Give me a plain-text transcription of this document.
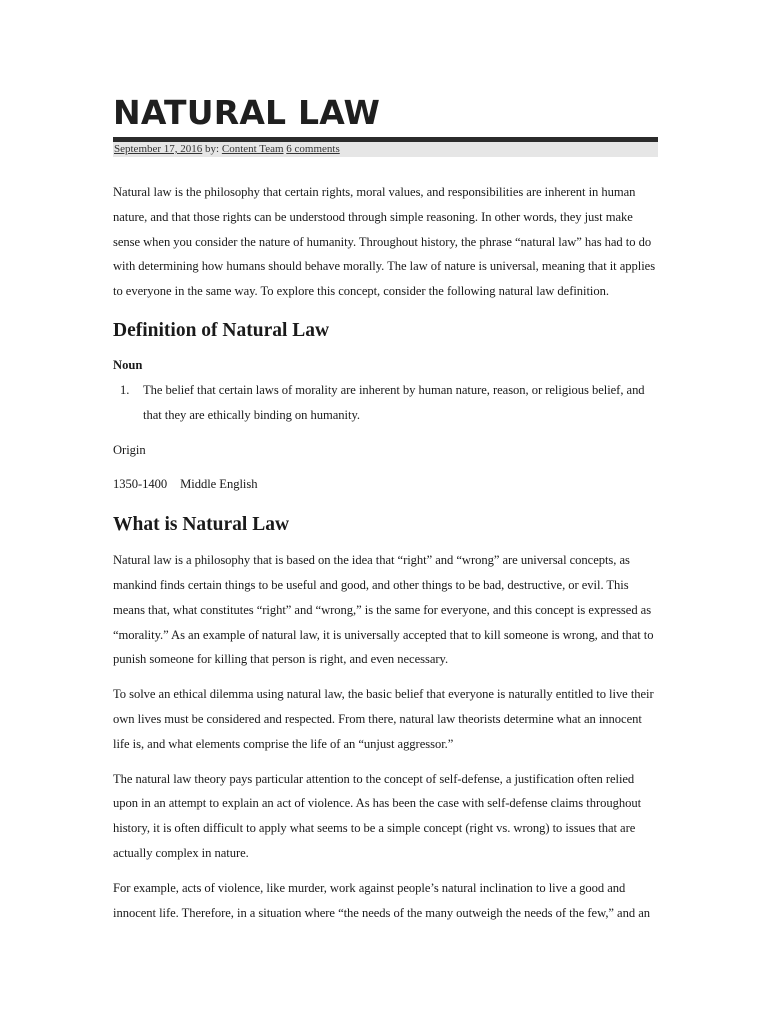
NATURAL LAW
September 17, 2016 by: Content Team 6 comments

Natural law is the philosophy that certain rights, moral values, and responsibilities are inherent in human nature, and that those rights can be understood through simple reasoning. In other words, they just make sense when you consider the nature of humanity. Throughout history, the phrase “natural law” has had to do with determining how humans should behave morally. The law of nature is universal, meaning that it applies to everyone in the same way. To explore this concept, consider the following natural law definition.

Definition of Natural Law
Noun
1. The belief that certain laws of morality are inherent by human nature, reason, or religious belief, and that they are ethically binding on humanity.

Origin

1350-1400 Middle English

What is Natural Law

Natural law is a philosophy that is based on the idea that “right” and “wrong” are universal concepts, as mankind finds certain things to be useful and good, and other things to be bad, destructive, or evil. This means that, what constitutes “right” and “wrong,” is the same for everyone, and this concept is expressed as “morality.” As an example of natural law, it is universally accepted that to kill someone is wrong, and that to punish someone for killing that person is right, and even necessary.

To solve an ethical dilemma using natural law, the basic belief that everyone is naturally entitled to live their own lives must be considered and respected. From there, natural law theorists determine what an innocent life is, and what elements comprise the life of an “unjust aggressor.”

The natural law theory pays particular attention to the concept of self-defense, a justification often relied upon in an attempt to explain an act of violence. As has been the case with self-defense claims throughout history, it is often difficult to apply what seems to be a simple concept (right vs. wrong) to issues that are actually complex in nature.

For example, acts of violence, like murder, work against people’s natural inclination to live a good and innocent life. Therefore, in a situation where “the needs of the many outweigh the needs of the few,” and an
